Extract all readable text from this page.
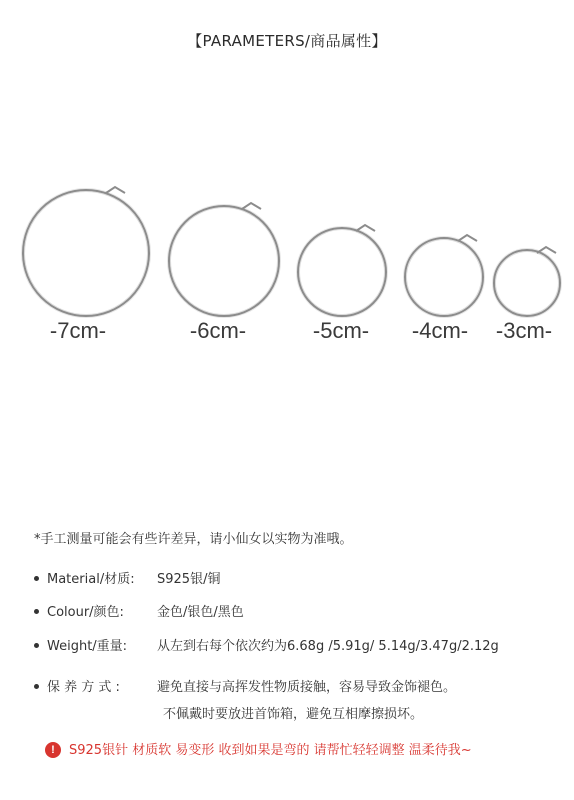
【PARAMETERS/商品属性】
-7cm-	-6cm-	-5cm-	-4cm-	-3cm-
*手工测量可能会有些许差异，请小仙女以实物为准哦。
Material/材质: S925银/铜
Colour/颜色:	金色/银色/黑色
Weight/重量: 从左到右每个依次约为6.68g /5.91g/ 5.14g/3.47g/2.12g
保 养 方 式 :	避免直接与高挥发性物质接触，容易导致金饰褪色。
不佩戴时要放进首饰箱，避免互相摩擦损坏。
! S925银针 材质软 易变形 收到如果是弯的 请帮忙轻轻调整 温柔待我~
